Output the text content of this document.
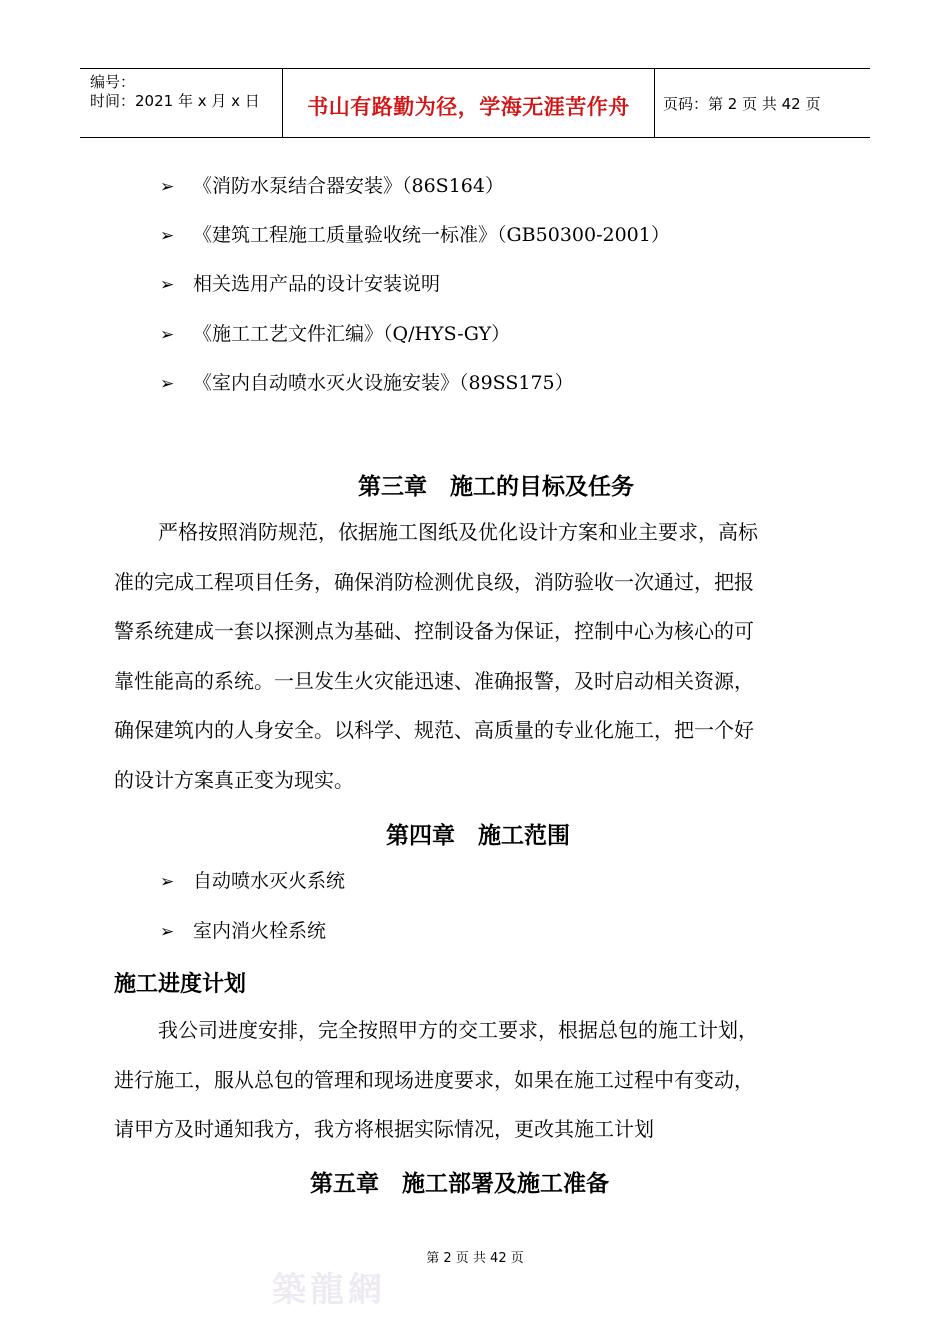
编号：
时间：2021 年 x 月 x 日	书山有路勤为径，学海无涯苦作舟	页码：第 2 页 共 42 页
➢ 《消防水泵结合器安装》（86S164）
➢ 《建筑工程施工质量验收统一标准》（GB50300-2001）
➢ 相关选用产品的设计安装说明
➢ 《施工工艺文件汇编》（Q/HYS-GY）
➢ 《室内自动喷水灭火设施安装》（89SS175）
第三章　施工的目标及任务
严格按照消防规范，依据施工图纸及优化设计方案和业主要求，高标
准的完成工程项目任务，确保消防检测优良级，消防验收一次通过，把报
警系统建成一套以探测点为基础、控制设备为保证，控制中心为核心的可
靠性能高的系统。一旦发生火灾能迅速、准确报警，及时启动相关资源，
确保建筑内的人身安全。以科学、规范、高质量的专业化施工，把一个好
的设计方案真正变为现实。
第四章　施工范围
➢ 自动喷水灭火系统
➢ 室内消火栓系统
施工进度计划
我公司进度安排，完全按照甲方的交工要求，根据总包的施工计划，
进行施工，服从总包的管理和现场进度要求，如果在施工过程中有变动，
请甲方及时通知我方，我方将根据实际情况，更改其施工计划
第五章　施工部署及施工准备
第 2 页 共 42 页
築龍網
